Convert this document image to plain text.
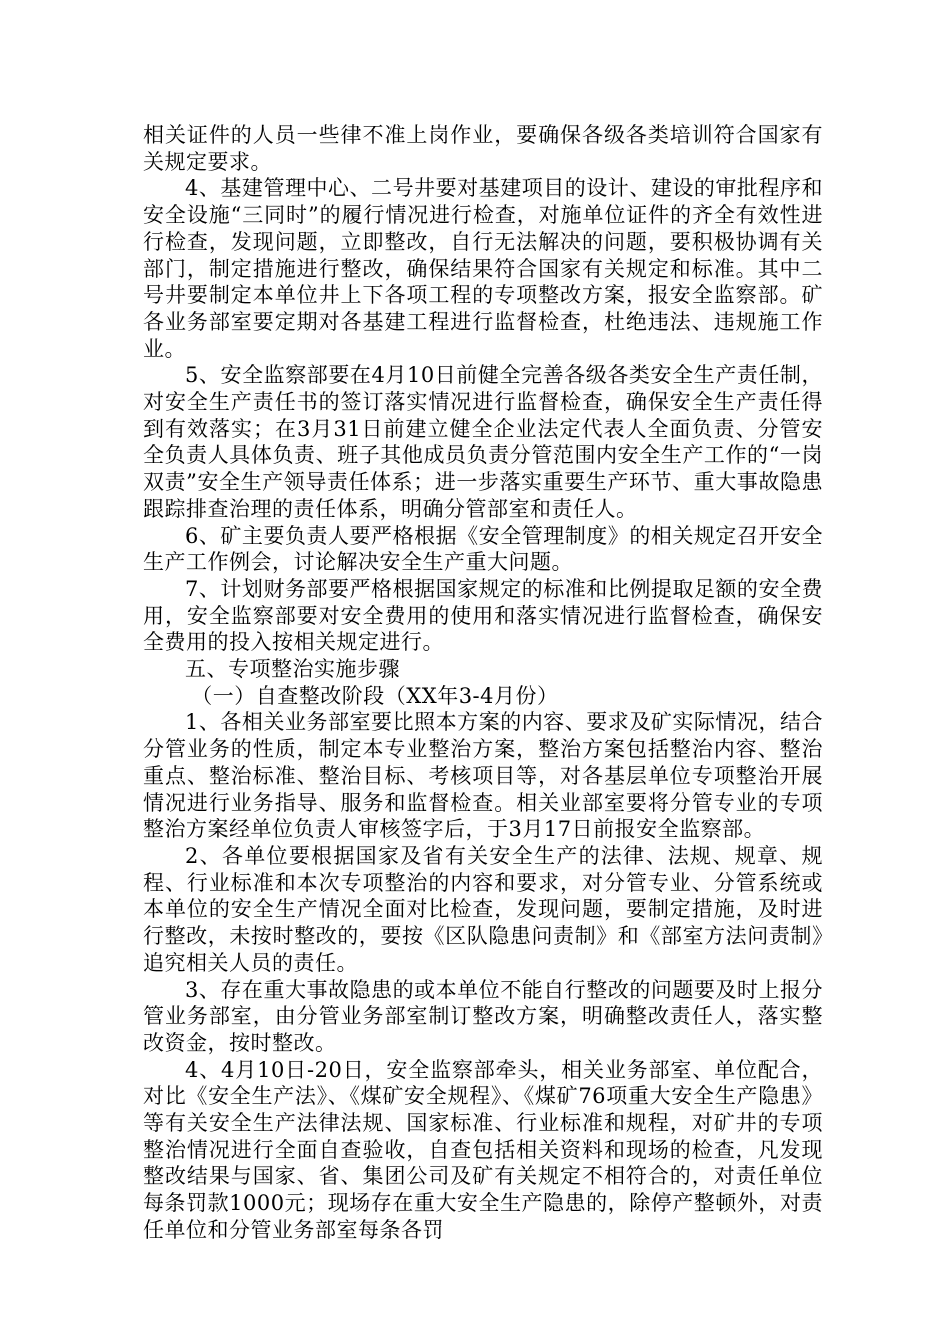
相关证件的人员一些律不准上岗作业，要确保各级各类培训符合国家有关规定要求。

4、基建管理中心、二号井要对基建项目的设计、建设的审批程序和安全设施“三同时”的履行情况进行检查，对施单位证件的齐全有效性进行检查，发现问题，立即整改，自行无法解决的问题，要积极协调有关部门，制定措施进行整改，确保结果符合国家有关规定和标准。其中二号井要制定本单位井上下各项工程的专项整改方案，报安全监察部。矿各业务部室要定期对各基建工程进行监督检查，杜绝违法、违规施工作业。

5、安全监察部要在4月10日前健全完善各级各类安全生产责任制，对安全生产责任书的签订落实情况进行监督检查，确保安全生产责任得到有效落实；在3月31日前建立健全企业法定代表人全面负责、分管安全负责人具体负责、班子其他成员负责分管范围内安全生产工作的“一岗双责”安全生产领导责任体系；进一步落实重要生产环节、重大事故隐患跟踪排查治理的责任体系，明确分管部室和责任人。

6、矿主要负责人要严格根据《安全管理制度》的相关规定召开安全生产工作例会，讨论解决安全生产重大问题。

7、计划财务部要严格根据国家规定的标准和比例提取足额的安全费用，安全监察部要对安全费用的使用和落实情况进行监督检查，确保安全费用的投入按相关规定进行。

五、专项整治实施步骤

（一）自查整改阶段（XX年3-4月份）

1、各相关业务部室要比照本方案的内容、要求及矿实际情况，结合分管业务的性质，制定本专业整治方案，整治方案包括整治内容、整治重点、整治标准、整治目标、考核项目等，对各基层单位专项整治开展情况进行业务指导、服务和监督检查。相关业部室要将分管专业的专项整治方案经单位负责人审核签字后，于3月17日前报安全监察部。

2、各单位要根据国家及省有关安全生产的法律、法规、规章、规程、行业标准和本次专项整治的内容和要求，对分管专业、分管系统或本单位的安全生产情况全面对比检查，发现问题，要制定措施，及时进行整改，未按时整改的，要按《区队隐患问责制》和《部室方法问责制》追究相关人员的责任。

3、存在重大事故隐患的或本单位不能自行整改的问题要及时上报分管业务部室，由分管业务部室制订整改方案，明确整改责任人，落实整改资金，按时整改。

4、4月10日-20日，安全监察部牵头，相关业务部室、单位配合，对比《安全生产法》、《煤矿安全规程》、《煤矿76项重大安全生产隐患》等有关安全生产法律法规、国家标准、行业标准和规程，对矿井的专项整治情况进行全面自查验收，自查包括相关资料和现场的检查，凡发现整改结果与国家、省、集团公司及矿有关规定不相符合的，对责任单位每条罚款1000元；现场存在重大安全生产隐患的，除停产整顿外，对责任单位和分管业务部室每条各罚
